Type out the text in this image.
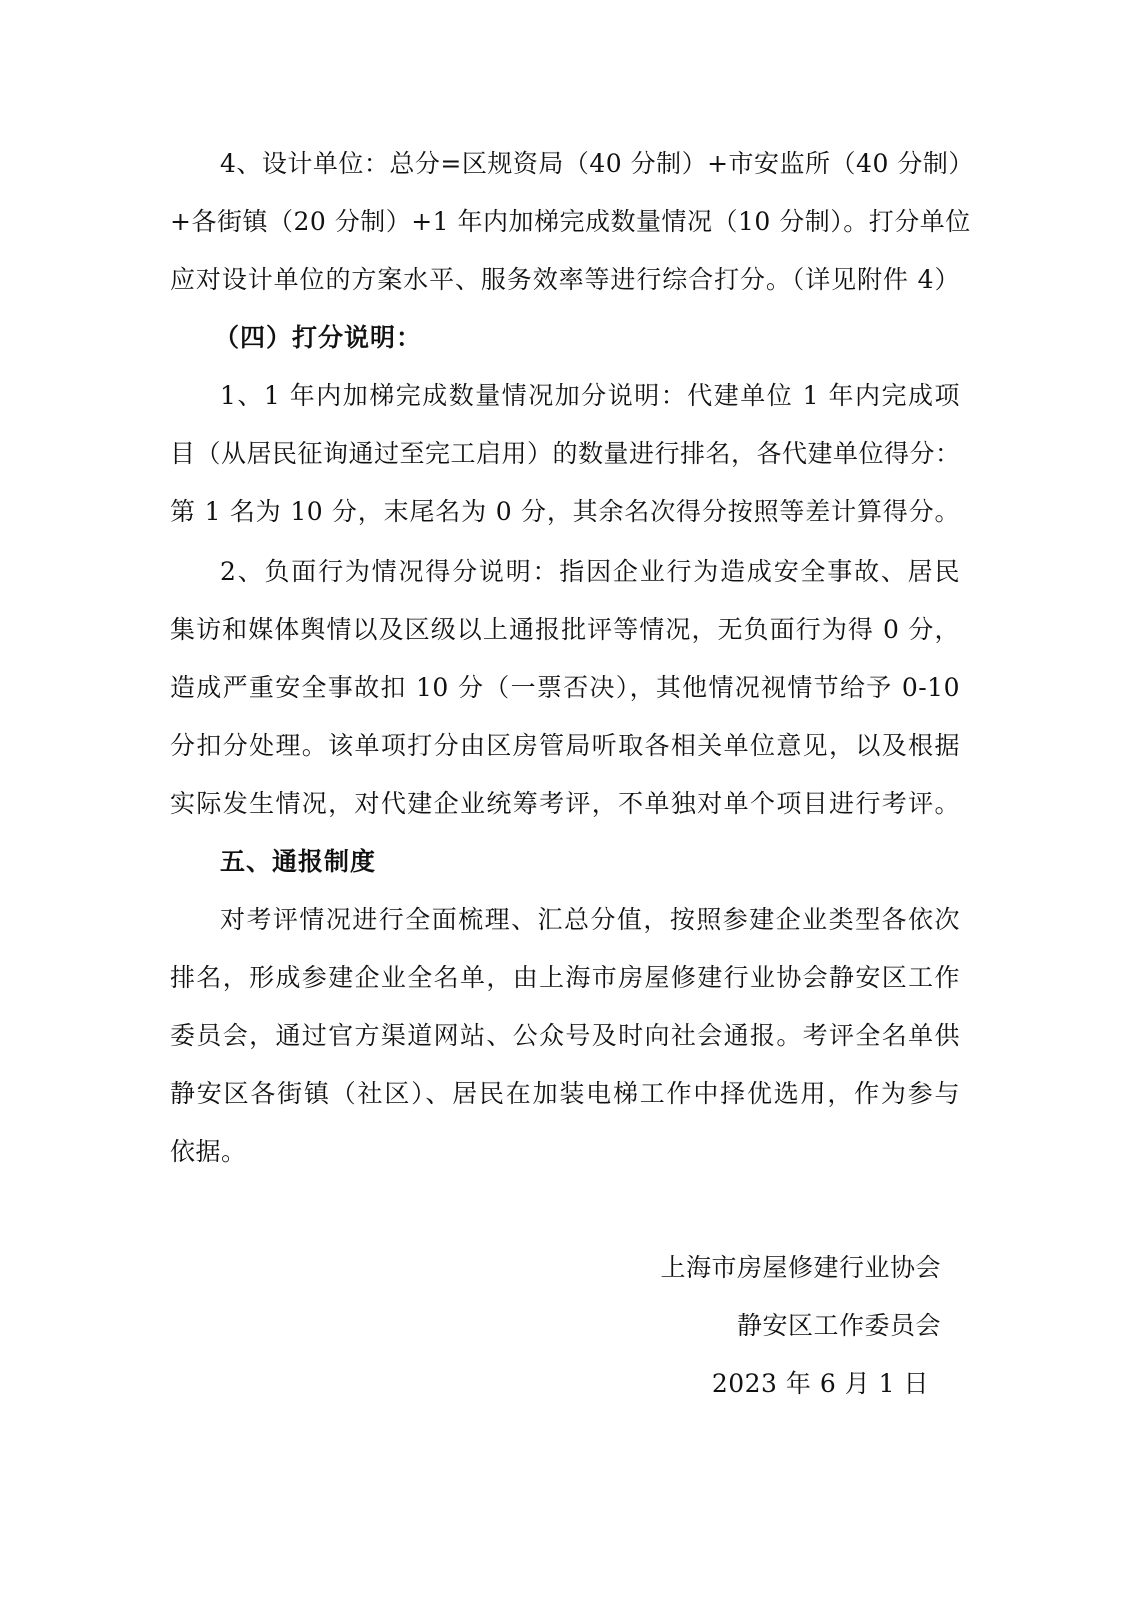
4、设计单位：总分=区规资局（40 分制）+市安监所（40 分制）
+各街镇（20 分制）+1 年内加梯完成数量情况（10 分制）。打分单位
应对设计单位的方案水平、服务效率等进行综合打分。（详见附件 4）
（四）打分说明：
1、1 年内加梯完成数量情况加分说明：代建单位 1 年内完成项
目（从居民征询通过至完工启用）的数量进行排名，各代建单位得分：
第 1 名为 10 分，末尾名为 0 分，其余名次得分按照等差计算得分。
2、负面行为情况得分说明：指因企业行为造成安全事故、居民
集访和媒体舆情以及区级以上通报批评等情况，无负面行为得 0 分，
造成严重安全事故扣 10 分（一票否决），其他情况视情节给予 0-10
分扣分处理。该单项打分由区房管局听取各相关单位意见，以及根据
实际发生情况，对代建企业统筹考评，不单独对单个项目进行考评。
五、通报制度
对考评情况进行全面梳理、汇总分值，按照参建企业类型各依次
排名，形成参建企业全名单，由上海市房屋修建行业协会静安区工作
委员会，通过官方渠道网站、公众号及时向社会通报。考评全名单供
静安区各街镇（社区）、居民在加装电梯工作中择优选用，作为参与
依据。
上海市房屋修建行业协会
静安区工作委员会
2023 年 6 月 1 日
